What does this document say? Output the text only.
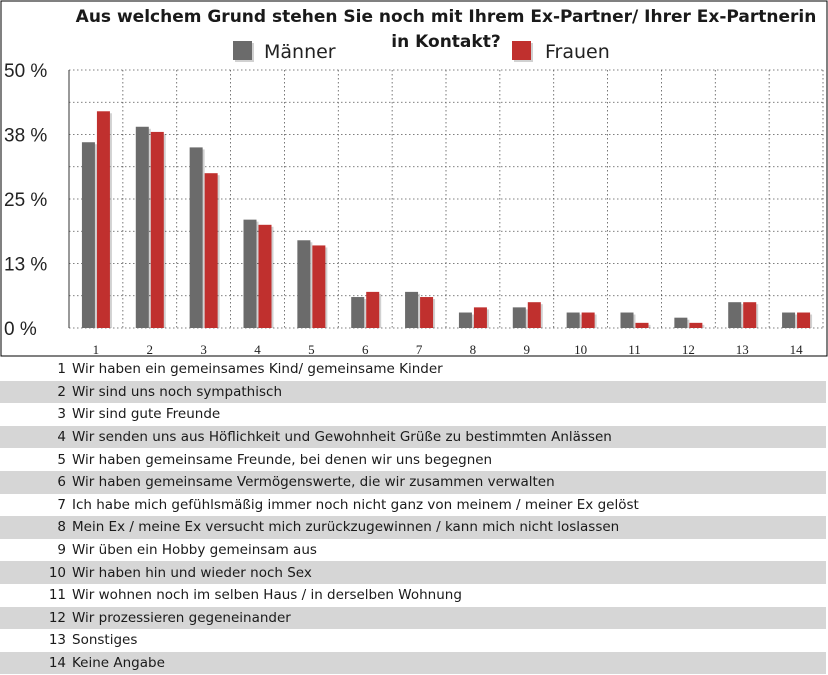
0 %
13 %
25 %
38 %
50 %
1	2	3	4	5	6	7	8	9	10	11	12	13	14
Aus welchem Grund stehen Sie noch mit Ihrem Ex-Partner/ Ihrer Ex-Partnerin
in Kontakt?
Männer	Frauen
1	Wir haben ein gemeinsames Kind/ gemeinsame Kinder
2	Wir sind uns noch sympathisch
3	Wir sind gute Freunde
4	Wir senden uns aus Höflichkeit und Gewohnheit Grüße zu bestimmten Anlässen
5	Wir haben gemeinsame Freunde, bei denen wir uns begegnen
6	Wir haben gemeinsame Vermögenswerte, die wir zusammen verwalten
7	Ich habe mich gefühlsmäßig immer noch nicht ganz von meinem / meiner Ex gelöst
8	Mein Ex / meine Ex versucht mich zurückzugewinnen / kann mich nicht loslassen
9	Wir üben ein Hobby gemeinsam aus
10	Wir haben hin und wieder noch Sex
11	Wir wohnen noch im selben Haus / in derselben Wohnung
12	Wir prozessieren gegeneinander
13	Sonstiges
14	Keine Angabe
